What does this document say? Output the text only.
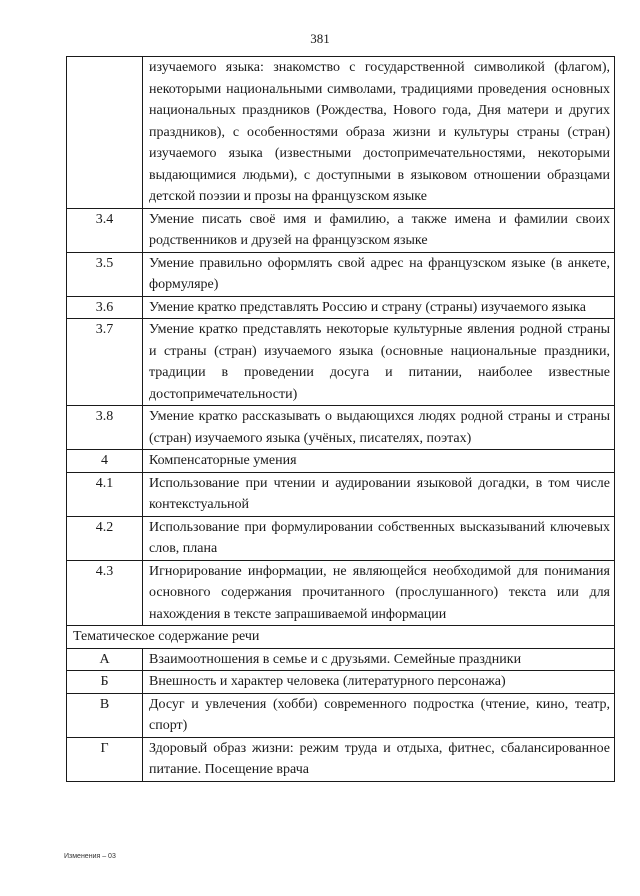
381
	изучаемого языка: знакомство с государственной символикой (флагом), некоторыми национальными символами, традициями проведения основных национальных праздников (Рождества, Нового года, Дня матери и других праздников), с особенностями образа жизни и культуры страны (стран) изучаемого языка (известными достопримечательностями, некоторыми выдающимися людьми), с доступными в языковом отношении образцами детской поэзии и прозы на французском языке
3.4	Умение писать своё имя и фамилию, а также имена и фамилии своих родственников и друзей на французском языке
3.5	Умение правильно оформлять свой адрес на французском языке (в анкете, формуляре)
3.6	Умение кратко представлять Россию и страну (страны) изучаемого языка
3.7	Умение кратко представлять некоторые культурные явления родной страны и страны (стран) изучаемого языка (основные национальные праздники, традиции в проведении досуга и питании, наиболее известные достопримечательности)
3.8	Умение кратко рассказывать о выдающихся людях родной страны и страны (стран) изучаемого языка (учёных, писателях, поэтах)
4	Компенсаторные умения
4.1	Использование при чтении и аудировании языковой догадки, в том числе контекстуальной
4.2	Использование при формулировании собственных высказываний ключевых слов, плана
4.3	Игнорирование информации, не являющейся необходимой для понимания основного содержания прочитанного (прослушанного) текста или для нахождения в тексте запрашиваемой информации
Тематическое содержание речи	
А	Взаимоотношения в семье и с друзьями. Семейные праздники
Б	Внешность и характер человека (литературного персонажа)
В	Досуг и увлечения (хобби) современного подростка (чтение, кино, театр, спорт)
Г	Здоровый образ жизни: режим труда и отдыха, фитнес, сбалансированное питание. Посещение врача
Изменения – 03
